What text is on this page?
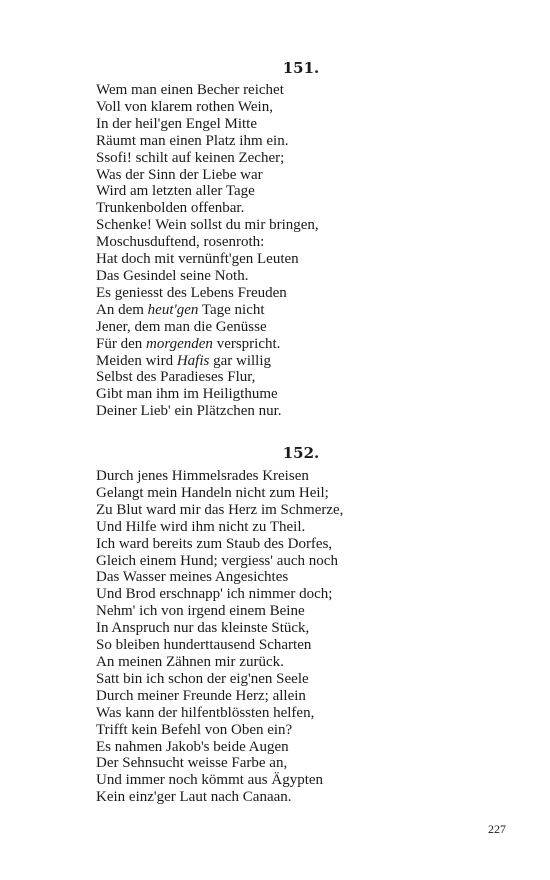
151.
Wem man einen Becher reichet
Voll von klarem rothen Wein,
In der heil'gen Engel Mitte
Räumt man einen Platz ihm ein.
Ssofi! schilt auf keinen Zecher;
Was der Sinn der Liebe war
Wird am letzten aller Tage
Trunkenbolden offenbar.
Schenke! Wein sollst du mir bringen,
Moschusduftend, rosenroth:
Hat doch mit vernünft'gen Leuten
Das Gesindel seine Noth.
Es geniesst des Lebens Freuden
An dem heut'gen Tage nicht
Jener, dem man die Genüsse
Für den morgenden verspricht.
Meiden wird Hafis gar willig
Selbst des Paradieses Flur,
Gibt man ihm im Heiligthume
Deiner Lieb' ein Plätzchen nur.
152.
Durch jenes Himmelsrades Kreisen
Gelangt mein Handeln nicht zum Heil;
Zu Blut ward mir das Herz im Schmerze,
Und Hilfe wird ihm nicht zu Theil.
Ich ward bereits zum Staub des Dorfes,
Gleich einem Hund; vergiess' auch noch
Das Wasser meines Angesichtes
Und Brod erschnapp' ich nimmer doch;
Nehm' ich von irgend einem Beine
In Anspruch nur das kleinste Stück,
So bleiben hunderttausend Scharten
An meinen Zähnen mir zurück.
Satt bin ich schon der eig'nen Seele
Durch meiner Freunde Herz; allein
Was kann der hilfentblössten helfen,
Trifft kein Befehl von Oben ein?
Es nahmen Jakob's beide Augen
Der Sehnsucht weisse Farbe an,
Und immer noch kömmt aus Ägypten
Kein einz'ger Laut nach Canaan.
227
